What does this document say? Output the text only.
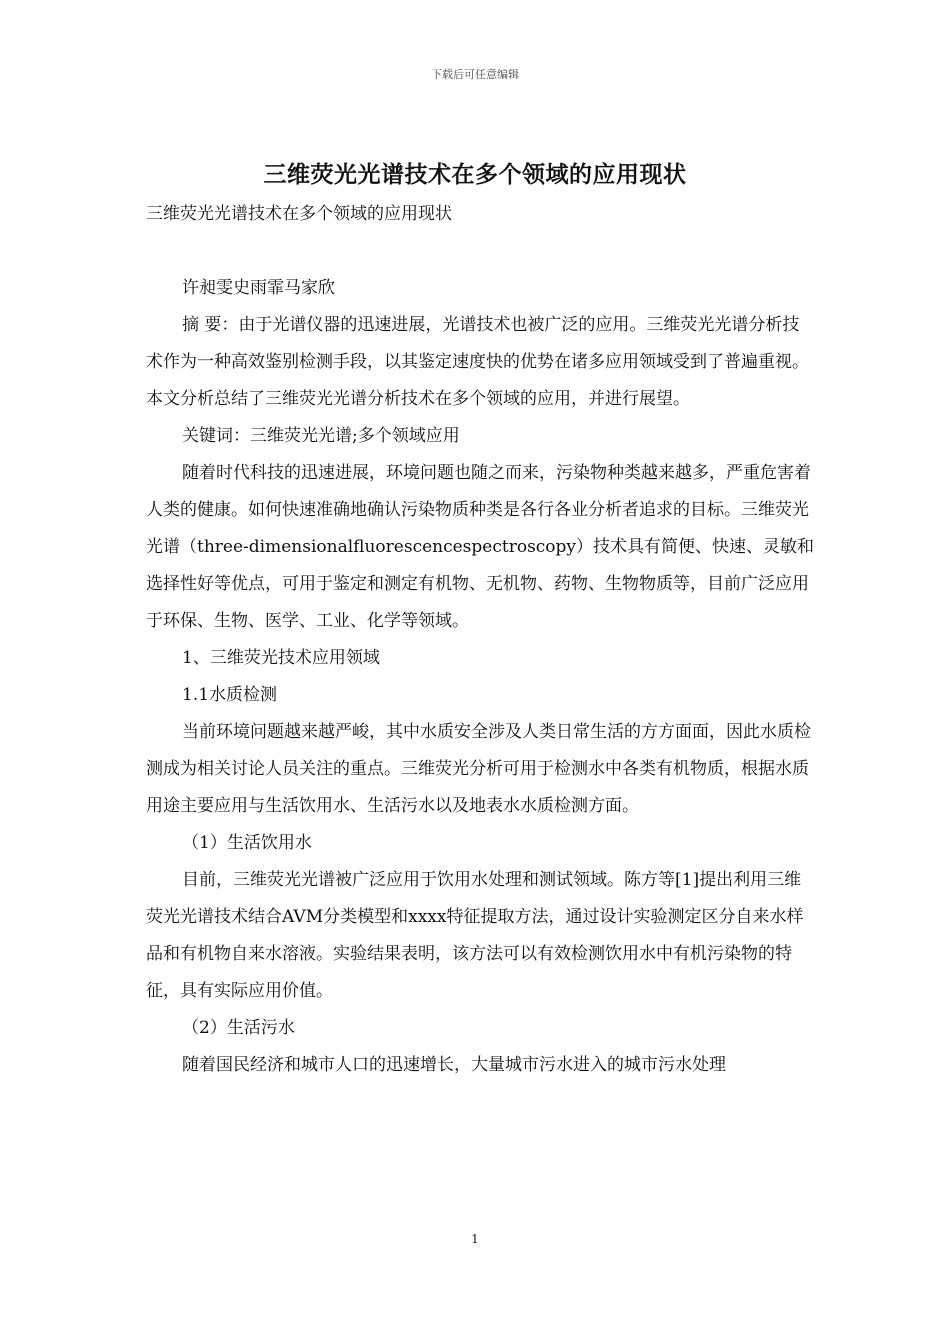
下载后可任意编辑
三维荧光光谱技术在多个领域的应用现状

三维荧光光谱技术在多个领域的应用现状

许昶雯史雨霏马家欣

摘 要：由于光谱仪器的迅速进展，光谱技术也被广泛的应用。三维荧光光谱分析技术作为一种高效鉴别检测手段，以其鉴定速度快的优势在诸多应用领域受到了普遍重视。本文分析总结了三维荧光光谱分析技术在多个领域的应用，并进行展望。

关键词：三维荧光光谱;多个领域应用

随着时代科技的迅速进展，环境问题也随之而来，污染物种类越来越多，严重危害着人类的健康。如何快速准确地确认污染物质种类是各行各业分析者追求的目标。三维荧光光谱（three-dimensionalfluorescencespectroscopy）技术具有简便、快速、灵敏和选择性好等优点，可用于鉴定和测定有机物、无机物、药物、生物物质等，目前广泛应用于环保、生物、医学、工业、化学等领域。

1、三维荧光技术应用领域

1.1水质检测

当前环境问题越来越严峻，其中水质安全涉及人类日常生活的方方面面，因此水质检测成为相关讨论人员关注的重点。三维荧光分析可用于检测水中各类有机物质，根据水质用途主要应用与生活饮用水、生活污水以及地表水水质检测方面。

（1）生活饮用水

目前，三维荧光光谱被广泛应用于饮用水处理和测试领域。陈方等[1]提出利用三维荧光光谱技术结合AVM分类模型和xxxx特征提取方法，通过设计实验测定区分自来水样品和有机物自来水溶液。实验结果表明，该方法可以有效检测饮用水中有机污染物的特征，具有实际应用价值。

（2）生活污水

随着国民经济和城市人口的迅速增长，大量城市污水进入的城市污水处理

1
